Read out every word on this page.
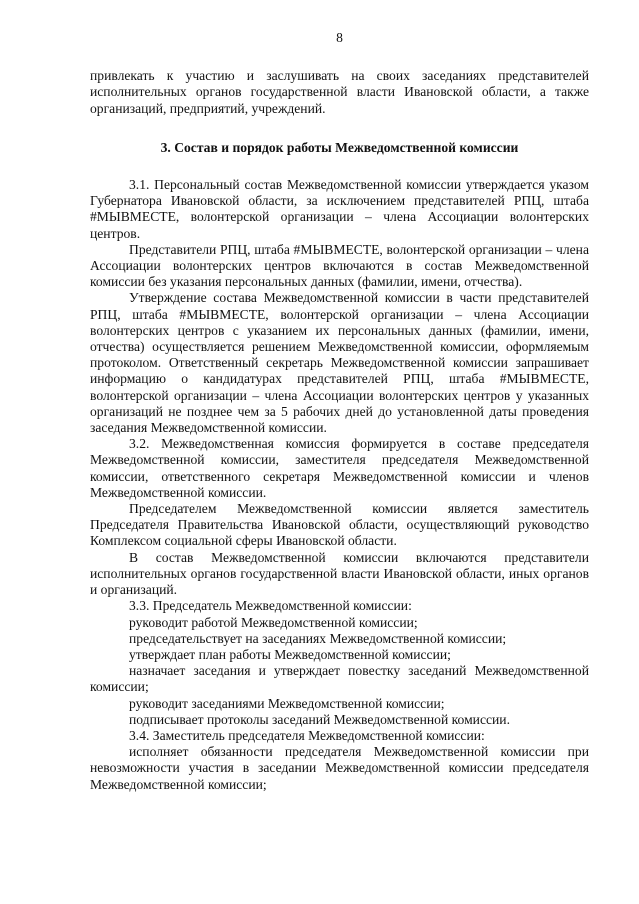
8

привлекать к участию и заслушивать на своих заседаниях представителей исполнительных органов государственной власти Ивановской области, а также организаций, предприятий, учреждений.

3. Состав и порядок работы Межведомственной комиссии

3.1. Персональный состав Межведомственной комиссии утверждается указом Губернатора Ивановской области, за исключением представителей РПЦ, штаба #МЫВМЕСТЕ, волонтерской организации – члена Ассоциации волонтерских центров.

Представители РПЦ, штаба #МЫВМЕСТЕ, волонтерской организации – члена Ассоциации волонтерских центров включаются в состав Межведомственной комиссии без указания персональных данных (фамилии, имени, отчества).

Утверждение состава Межведомственной комиссии в части представителей РПЦ, штаба #МЫВМЕСТЕ, волонтерской организации – члена Ассоциации волонтерских центров с указанием их персональных данных (фамилии, имени, отчества) осуществляется решением Межведомственной комиссии, оформляемым протоколом. Ответственный секретарь Межведомственной комиссии запрашивает информацию о кандидатурах представителей РПЦ, штаба #МЫВМЕСТЕ, волонтерской организации – члена Ассоциации волонтерских центров у указанных организаций не позднее чем за 5 рабочих дней до установленной даты проведения заседания Межведомственной комиссии.

3.2. Межведомственная комиссия формируется в составе председателя Межведомственной комиссии, заместителя председателя Межведомственной комиссии, ответственного секретаря Межведомственной комиссии и членов Межведомственной комиссии.

Председателем Межведомственной комиссии является заместитель Председателя Правительства Ивановской области, осуществляющий руководство Комплексом социальной сферы Ивановской области.

В состав Межведомственной комиссии включаются представители исполнительных органов государственной власти Ивановской области, иных органов и организаций.

3.3. Председатель Межведомственной комиссии:

руководит работой Межведомственной комиссии;

председательствует на заседаниях Межведомственной комиссии;

утверждает план работы Межведомственной комиссии;

назначает заседания и утверждает повестку заседаний Межведомственной комиссии;

руководит заседаниями Межведомственной комиссии;

подписывает протоколы заседаний Межведомственной комиссии.

3.4. Заместитель председателя Межведомственной комиссии:

исполняет обязанности председателя Межведомственной комиссии при невозможности участия в заседании Межведомственной комиссии председателя Межведомственной комиссии;
